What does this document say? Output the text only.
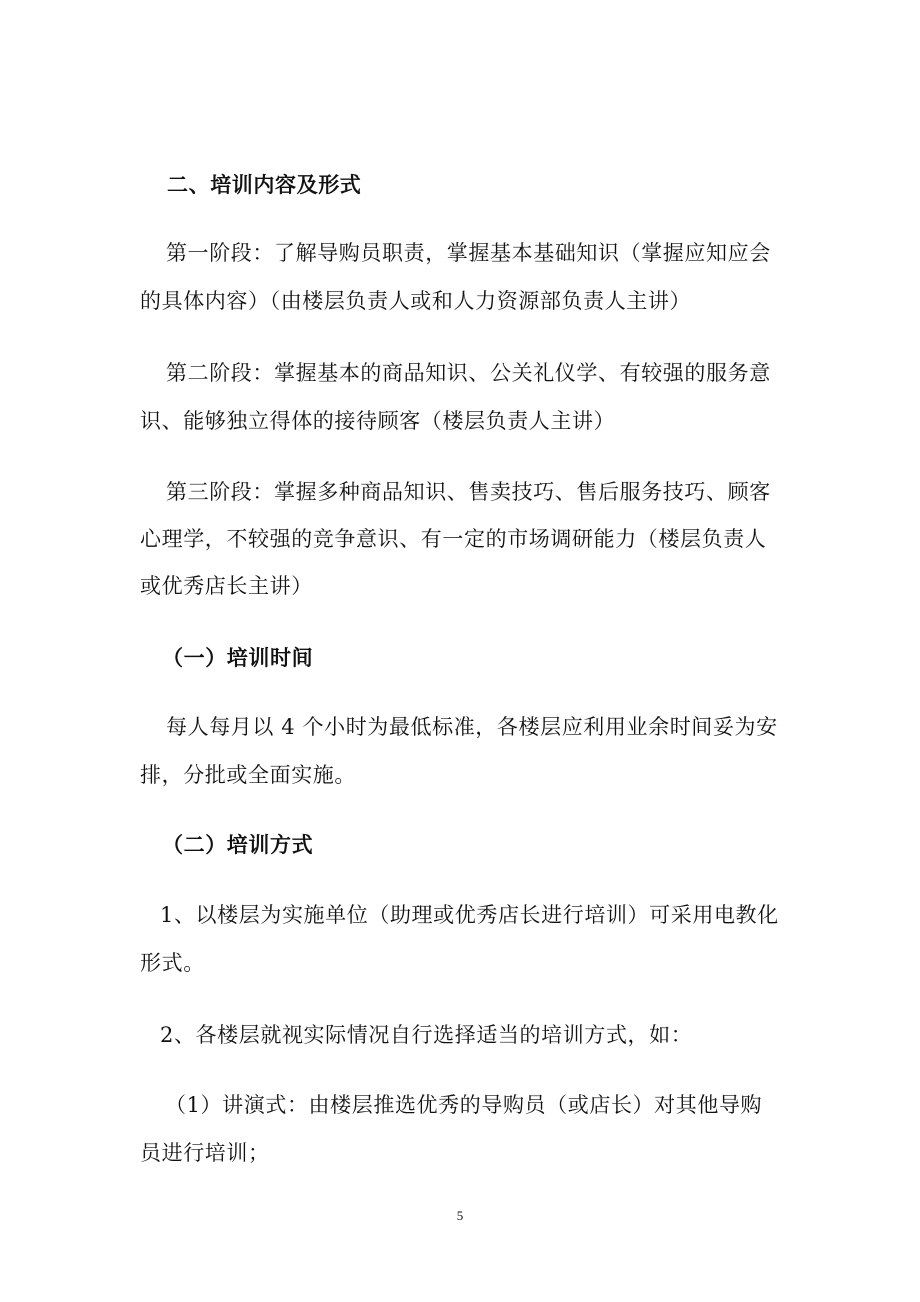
二、培训内容及形式
第一阶段：了解导购员职责，掌握基本基础知识（掌握应知应会
的具体内容）（由楼层负责人或和人力资源部负责人主讲）
第二阶段：掌握基本的商品知识、公关礼仪学、有较强的服务意
识、能够独立得体的接待顾客（楼层负责人主讲）
第三阶段：掌握多种商品知识、售卖技巧、售后服务技巧、顾客
心理学，不较强的竞争意识、有一定的市场调研能力（楼层负责人
或优秀店长主讲）
（一）培训时间
每人每月以 4 个小时为最低标准，各楼层应利用业余时间妥为安
排，分批或全面实施。
（二）培训方式
1、以楼层为实施单位（助理或优秀店长进行培训）可采用电教化
形式。
2、各楼层就视实际情况自行选择适当的培训方式，如：
（1）讲演式：由楼层推选优秀的导购员（或店长）对其他导购
员进行培训；
5
